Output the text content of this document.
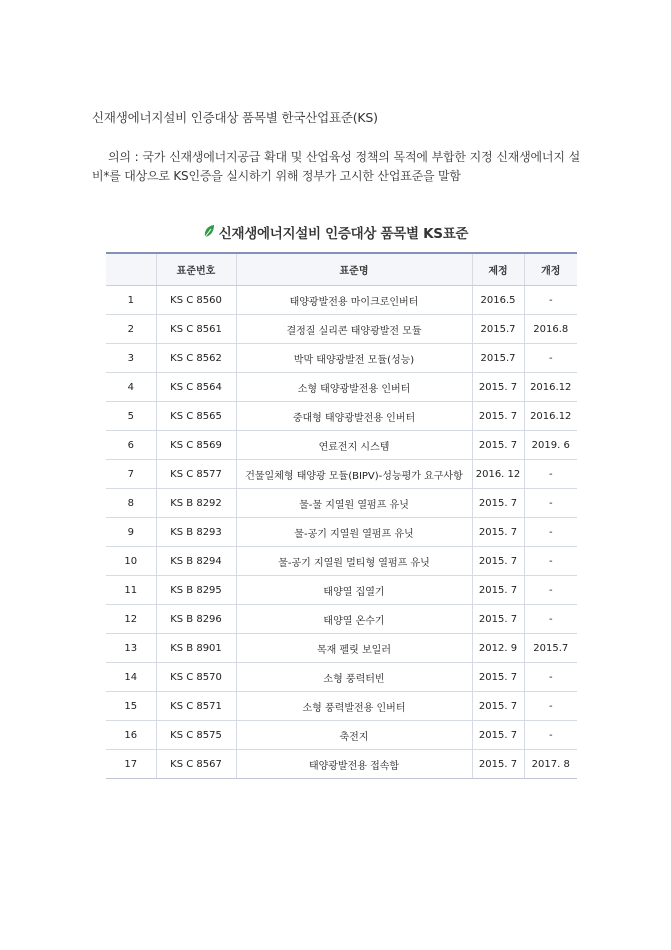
신재생에너지설비 인증대상 품목별 한국산업표준(KS)
의의 : 국가 신재생에너지공급 확대 및 산업육성 정책의 목적에 부합한 지정 신재생에너지 설비*를 대상으로 KS인증을 실시하기 위해 정부가 고시한 산업표준을 말함
신재생에너지설비 인증대상 품목별 KS표준
	표준번호	표준명	제정	개정
1	KS C 8560	태양광발전용 마이크로인버터	2016.5	-
2	KS C 8561	결정질 실리콘 태양광발전 모듈	2015.7	2016.8
3	KS C 8562	박막 태양광발전 모듈(성능)	2015.7	-
4	KS C 8564	소형 태양광발전용 인버터	2015. 7	2016.12
5	KS C 8565	중대형 태양광발전용 인버터	2015. 7	2016.12
6	KS C 8569	연료전지 시스템	2015. 7	2019. 6
7	KS C 8577	건물일체형 태양광 모듈(BIPV)-성능평가 요구사항	2016. 12	-
8	KS B 8292	물-물 지열원 열펌프 유닛	2015. 7	-
9	KS B 8293	물-공기 지열원 열펌프 유닛	2015. 7	-
10	KS B 8294	물-공기 지열원 멀티형 열펌프 유닛	2015. 7	-
11	KS B 8295	태양열 집열기	2015. 7	-
12	KS B 8296	태양열 온수기	2015. 7	-
13	KS B 8901	목재 펠릿 보일러	2012. 9	2015.7
14	KS C 8570	소형 풍력터빈	2015. 7	-
15	KS C 8571	소형 풍력발전용 인버터	2015. 7	-
16	KS C 8575	축전지	2015. 7	-
17	KS C 8567	태양광발전용 접속함	2015. 7	2017. 8
